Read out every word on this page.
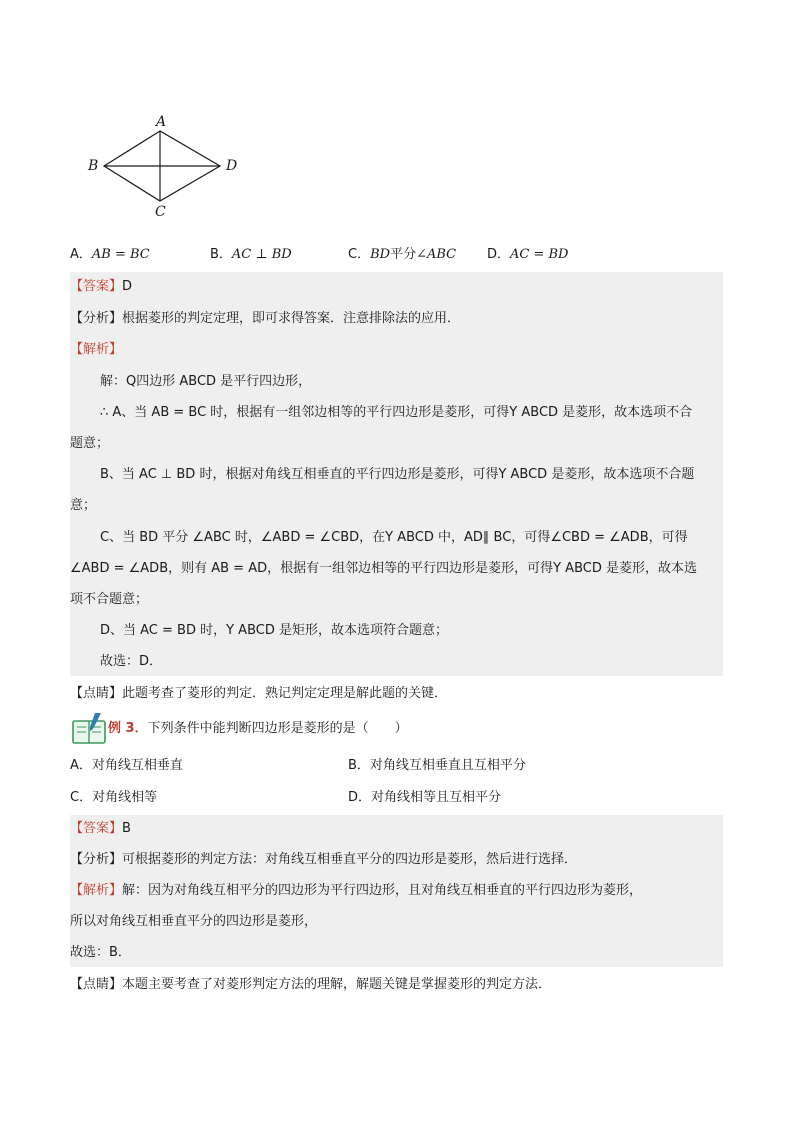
A
B
C
D
A．AB = BC	B．AC ⊥ BD	C．BD平分∠ABC D．AC = BD
【答案】D
【分析】根据菱形的判定定理，即可求得答案．注意排除法的应用．
【解析】
解：Q四边形 ABCD 是平行四边形，
∴ A、当 AB = BC 时，根据有一组邻边相等的平行四边形是菱形，可得Y ABCD 是菱形，故本选项不合
题意；
B、当 AC ⊥ BD 时，根据对角线互相垂直的平行四边形是菱形，可得Y ABCD 是菱形，故本选项不合题
意；
C、当 BD 平分 ∠ABC 时，∠ABD = ∠CBD，在Y ABCD 中，AD∥ BC，可得∠CBD = ∠ADB，可得
∠ABD = ∠ADB，则有 AB = AD，根据有一组邻边相等的平行四边形是菱形，可得Y ABCD 是菱形，故本选
项不合题意；
D、当 AC = BD 时，Y ABCD 是矩形，故本选项符合题意；
故选：D．
【点睛】此题考查了菱形的判定．熟记判定定理是解此题的关键．
例 3．下列条件中能判断四边形是菱形的是（　　）
A．对角线互相垂直	B．对角线互相垂直且互相平分
C．对角线相等	D．对角线相等且互相平分
【答案】B
【分析】可根据菱形的判定方法：对角线互相垂直平分的四边形是菱形，然后进行选择．
【解析】解：因为对角线互相平分的四边形为平行四边形，且对角线互相垂直的平行四边形为菱形，
所以对角线互相垂直平分的四边形是菱形，
故选：B．
【点睛】本题主要考查了对菱形判定方法的理解，解题关键是掌握菱形的判定方法．
